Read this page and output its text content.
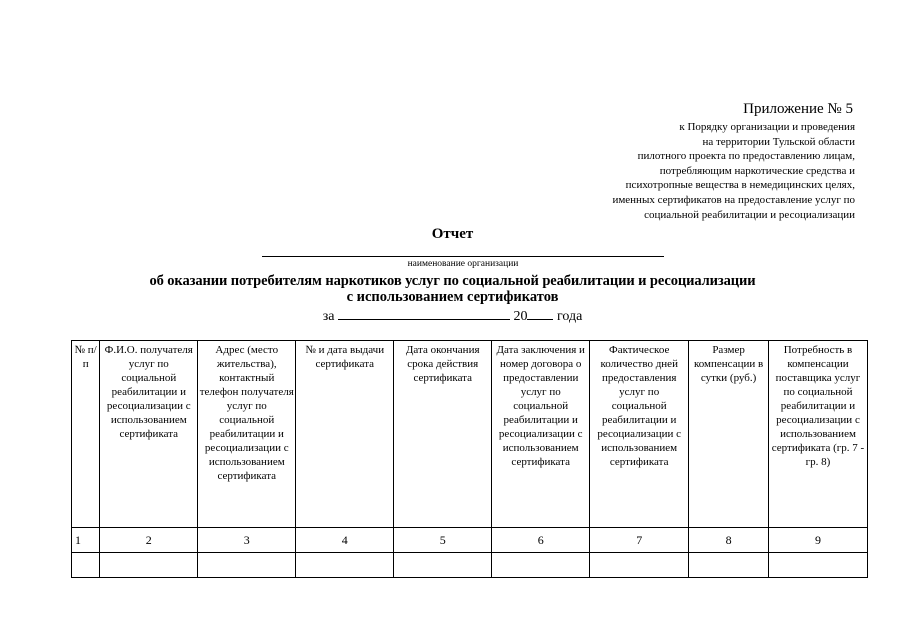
Приложение № 5
к Порядку организации и проведения
на территории Тульской области
пилотного проекта по предоставлению лицам,
потребляющим наркотические средства и
психотропные вещества в немедицинских целях,
именных сертификатов на предоставление услуг по
социальной реабилитации и ресоциализации
Отчет
наименование организации
об оказании потребителям наркотиков услуг по социальной реабилитации и ресоциализации
с использованием сертификатов
за	20 года
№ п/п	Ф.И.О. получателя услуг по социальной реабилитации и ресоциализации с использованием сертификата	Адрес (место жительства), контактный телефон получателя услуг по социальной реабилитации и ресоциализации с использованием сертификата	№ и дата выдачи сертификата	Дата окончания срока действия сертификата	Дата заключения и номер договора о предоставлении услуг по социальной реабилитации и ресоциализации с использованием сертификата	Фактическое количество дней предоставления услуг по социальной реабилитации и ресоциализации с использованием сертификата	Размер компенсации в сутки (руб.)	Потребность в компенсации поставщика услуг по социальной реабилитации и ресоциализации с использованием сертификата (гр. 7 - гр. 8)
1	2	3	4	5	6	7	8	9
